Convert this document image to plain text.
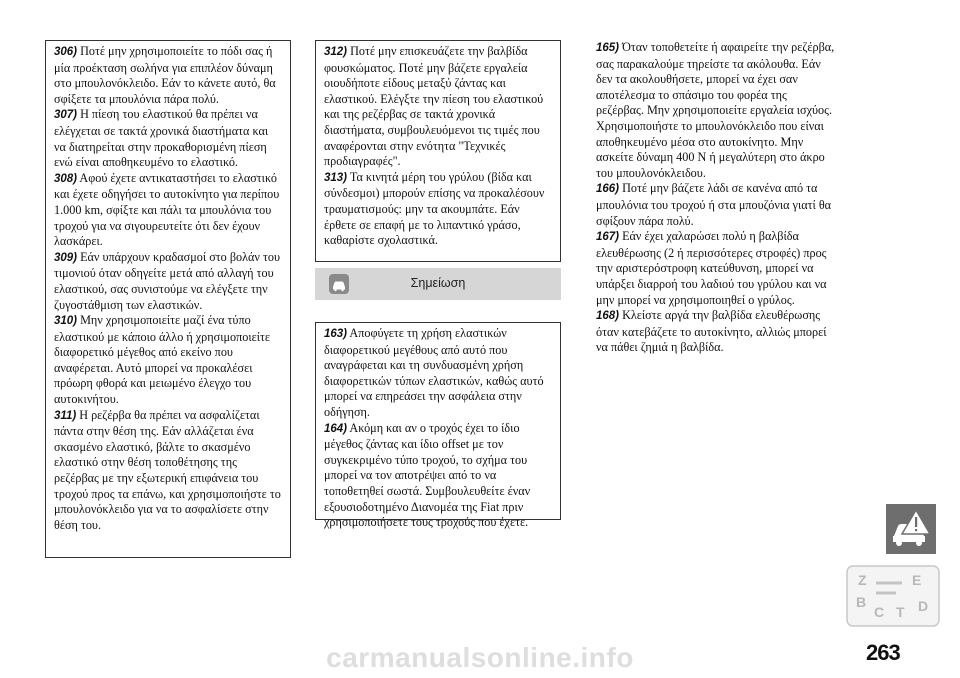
306) Ποτέ μην χρησιμοποιείτε το πόδι σας ή μία προέκταση σωλήνα για επιπλέον δύναμη στο μπουλονόκλειδο. Εάν το κάνετε αυτό, θα σφίξετε τα μπουλόνια πάρα πολύ.

307) Η πίεση του ελαστικού θα πρέπει να ελέγχεται σε τακτά χρονικά διαστήματα και να διατηρείται στην προκαθορισμένη πίεση ενώ είναι αποθηκευμένο το ελαστικό.

308) Αφού έχετε αντικαταστήσει το ελαστικό και έχετε οδηγήσει το αυτοκίνητο για περίπου 1.000 km, σφίξτε και πάλι τα μπουλόνια του τροχού για να σιγουρευτείτε ότι δεν έχουν λασκάρει.

309) Εάν υπάρχουν κραδασμοί στο βολάν του τιμονιού όταν οδηγείτε μετά από αλλαγή του ελαστικού, σας συνιστούμε να ελέγξετε την ζυγοστάθμιση των ελαστικών.

310) Μην χρησιμοποιείτε μαζί ένα τύπο ελαστικού με κάποιο άλλο ή χρησιμοποιείτε διαφορετικό μέγεθος από εκείνο που αναφέρεται. Αυτό μπορεί να προκαλέσει πρόωρη φθορά και μειωμένο έλεγχο του αυτοκινήτου.

311) Η ρεζέρβα θα πρέπει να ασφαλίζεται πάντα στην θέση της. Εάν αλλάζεται ένα σκασμένο ελαστικό, βάλτε το σκασμένο ελαστικό στην θέση τοποθέτησης της ρεζέρβας με την εξωτερική επιφάνεια του τροχού προς τα επάνω, και χρησιμοποιήστε το μπουλονόκλειδο για να το ασφαλίσετε στην θέση του.

312) Ποτέ μην επισκευάζετε την βαλβίδα φουσκώματος. Ποτέ μην βάζετε εργαλεία οιουδήποτε είδους μεταξύ ζάντας και ελαστικού. Ελέγξτε την πίεση του ελαστικού και της ρεζέρβας σε τακτά χρονικά διαστήματα, συμβουλευόμενοι τις τιμές που αναφέρονται στην ενότητα "Τεχνικές προδιαγραφές".

313) Τα κινητά μέρη του γρύλου (βίδα και σύνδεσμοι) μπορούν επίσης να προκαλέσουν τραυματισμούς: μην τα ακουμπάτε. Εάν έρθετε σε επαφή με το λιπαντικό γράσο, καθαρίστε σχολαστικά.

Σημείωση

163) Αποφύγετε τη χρήση ελαστικών διαφορετικού μεγέθους από αυτό που αναγράφεται και τη συνδυασμένη χρήση διαφορετικών τύπων ελαστικών, καθώς αυτό μπορεί να επηρεάσει την ασφάλεια στην οδήγηση.

164) Ακόμη και αν ο τροχός έχει το ίδιο μέγεθος ζάντας και ίδιο offset με τον συγκεκριμένο τύπο τροχού, το σχήμα του μπορεί να τον αποτρέψει από το να τοποθετηθεί σωστά. Συμβουλευθείτε έναν εξουσιοδοτημένο Διανομέα της Fiat πριν χρησιμοποιήσετε τους τροχούς που έχετε.

165) Όταν τοποθετείτε ή αφαιρείτε την ρεζέρβα, σας παρακαλούμε τηρείστε τα ακόλουθα. Εάν δεν τα ακολουθήσετε, μπορεί να έχει σαν αποτέλεσμα το σπάσιμο του φορέα της ρεζέρβας. Μην χρησιμοποιείτε εργαλεία ισχύος. Χρησιμοποιήστε το μπουλονόκλειδο που είναι αποθηκευμένο μέσα στο αυτοκίνητο. Μην ασκείτε δύναμη 400 N ή μεγαλύτερη στο άκρο του μπουλονόκλειδου.

166) Ποτέ μην βάζετε λάδι σε κανένα από τα μπουλόνια του τροχού ή στα μπουζόνια γιατί θα σφίξουν πάρα πολύ.

167) Εάν έχει χαλαρώσει πολύ η βαλβίδα ελευθέρωσης (2 ή περισσότερες στροφές) προς την αριστερόστροφη κατεύθυνση, μπορεί να υπάρξει διαρροή του λαδιού του γρύλου και να μην μπορεί να χρησιμοποιηθεί ο γρύλος.

168) Κλείστε αργά την βαλβίδα ελευθέρωσης όταν κατεβάζετε το αυτοκίνητο, αλλιώς μπορεί να πάθει ζημιά η βαλβίδα.

Z	E
B
C T D
263
carmanualsonline.info
